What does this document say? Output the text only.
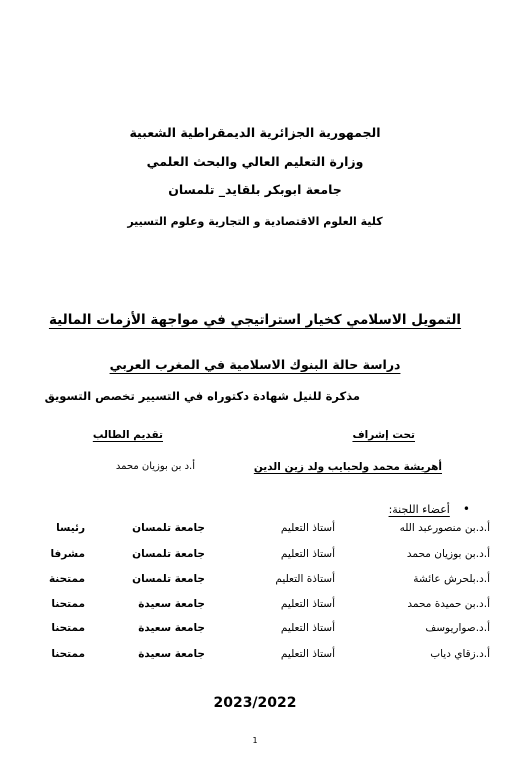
الجمهورية الجزائرية الديمقراطية الشعبية
وزارة التعليم العالي والبحث العلمي
جامعة ابوبكر بلقايد_ تلمسان
كلية العلوم الاقتصادية و التجارية وعلوم التسيير
التمويل الاسلامي كخيار استراتيجي في مواجهة الأزمات المالية
دراسة حالة البنوك الاسلامية في المغرب العربي
مذكرة للنيل شهادة دكتوراه في التسيير تخصص التسويق
تحت إشراف
تقديم الطالب
أهريشة محمد ولحبايب ولد زين الدين
أ.د بن بوزيان محمد
• أعضاء اللجنة:
أ.د.بن منصورعبد الله
أستاذ التعليم
جامعة تلمسان
رئيسا
أ.د.بن بوزيان محمد
أستاذ التعليم
جامعة تلمسان
مشرفا
أ.د.بلحرش عائشة
أستاذة التعليم
جامعة تلمسان
ممتحنة
أ.د.بن حميدة محمد
أستاذ التعليم
جامعة سعيدة
ممتحنا
أ.د.صواريوسف
أستاذ التعليم
جامعة سعيدة
ممتحنا
أ.د.زقاي دياب
أستاذ التعليم
جامعة سعيدة
ممتحنا
2023/2022
1
